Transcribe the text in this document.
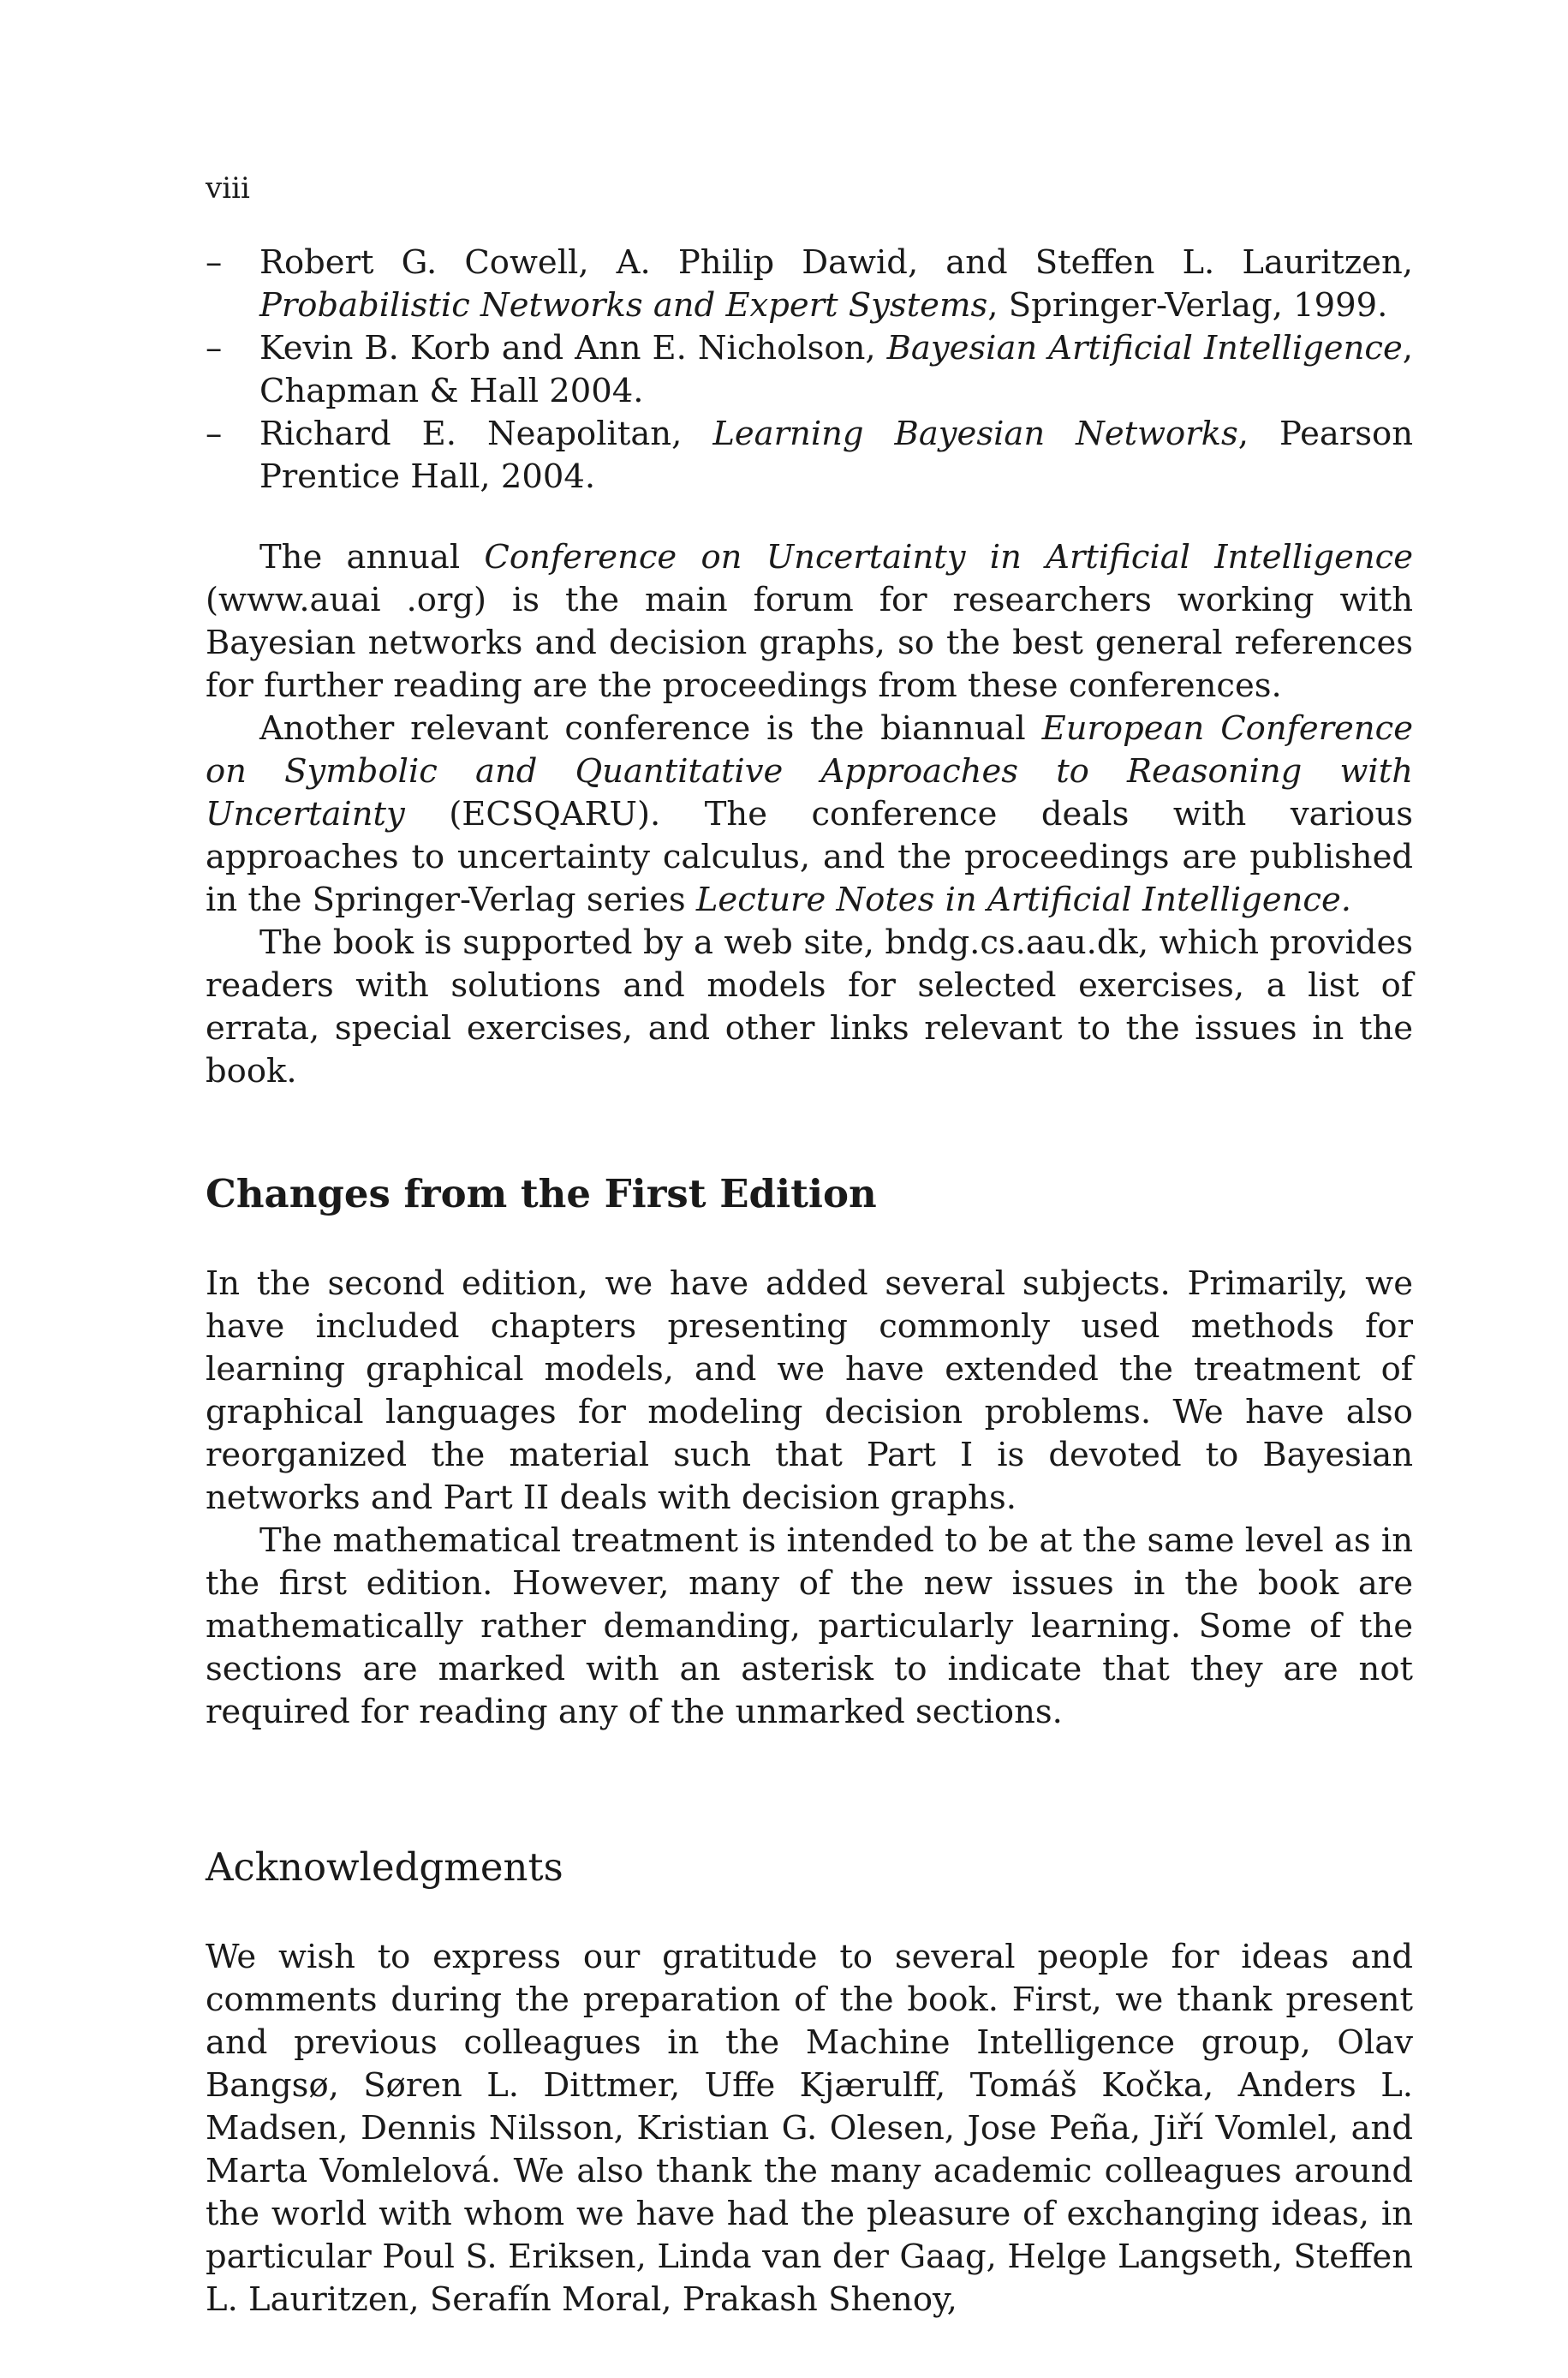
viii
– Robert G. Cowell, A. Philip Dawid, and Steffen L. Lauritzen, Probabilistic Networks and Expert Systems, Springer-Verlag, 1999.
– Kevin B. Korb and Ann E. Nicholson, Bayesian Artificial Intelligence, Chapman & Hall 2004.
– Richard E. Neapolitan, Learning Bayesian Networks, Pearson Prentice Hall, 2004.

The annual Conference on Uncertainty in Artificial Intelligence (www.auai .org) is the main forum for researchers working with Bayesian networks and decision graphs, so the best general references for further reading are the proceedings from these conferences.

Another relevant conference is the biannual European Conference on Symbolic and Quantitative Approaches to Reasoning with Uncertainty (ECSQARU). The conference deals with various approaches to uncertainty calculus, and the proceedings are published in the Springer-Verlag series Lecture Notes in Artificial Intelligence.

The book is supported by a web site, bndg.cs.aau.dk, which provides readers with solutions and models for selected exercises, a list of errata, special exercises, and other links relevant to the issues in the book.

Changes from the First Edition

In the second edition, we have added several subjects. Primarily, we have included chapters presenting commonly used methods for learning graphical models, and we have extended the treatment of graphical languages for modeling decision problems. We have also reorganized the material such that Part I is devoted to Bayesian networks and Part II deals with decision graphs.

The mathematical treatment is intended to be at the same level as in the first edition. However, many of the new issues in the book are mathematically rather demanding, particularly learning. Some of the sections are marked with an asterisk to indicate that they are not required for reading any of the unmarked sections.

Acknowledgments

We wish to express our gratitude to several people for ideas and comments during the preparation of the book. First, we thank present and previous colleagues in the Machine Intelligence group, Olav Bangsø, Søren L. Dittmer, Uffe Kjærulff, Tomáš Kočka, Anders L. Madsen, Dennis Nilsson, Kristian G. Olesen, Jose Peña, Jiří Vomlel, and Marta Vomlelová. We also thank the many academic colleagues around the world with whom we have had the pleasure of exchanging ideas, in particular Poul S. Eriksen, Linda van der Gaag, Helge Langseth, Steffen L. Lauritzen, Serafín Moral, Prakash Shenoy,
